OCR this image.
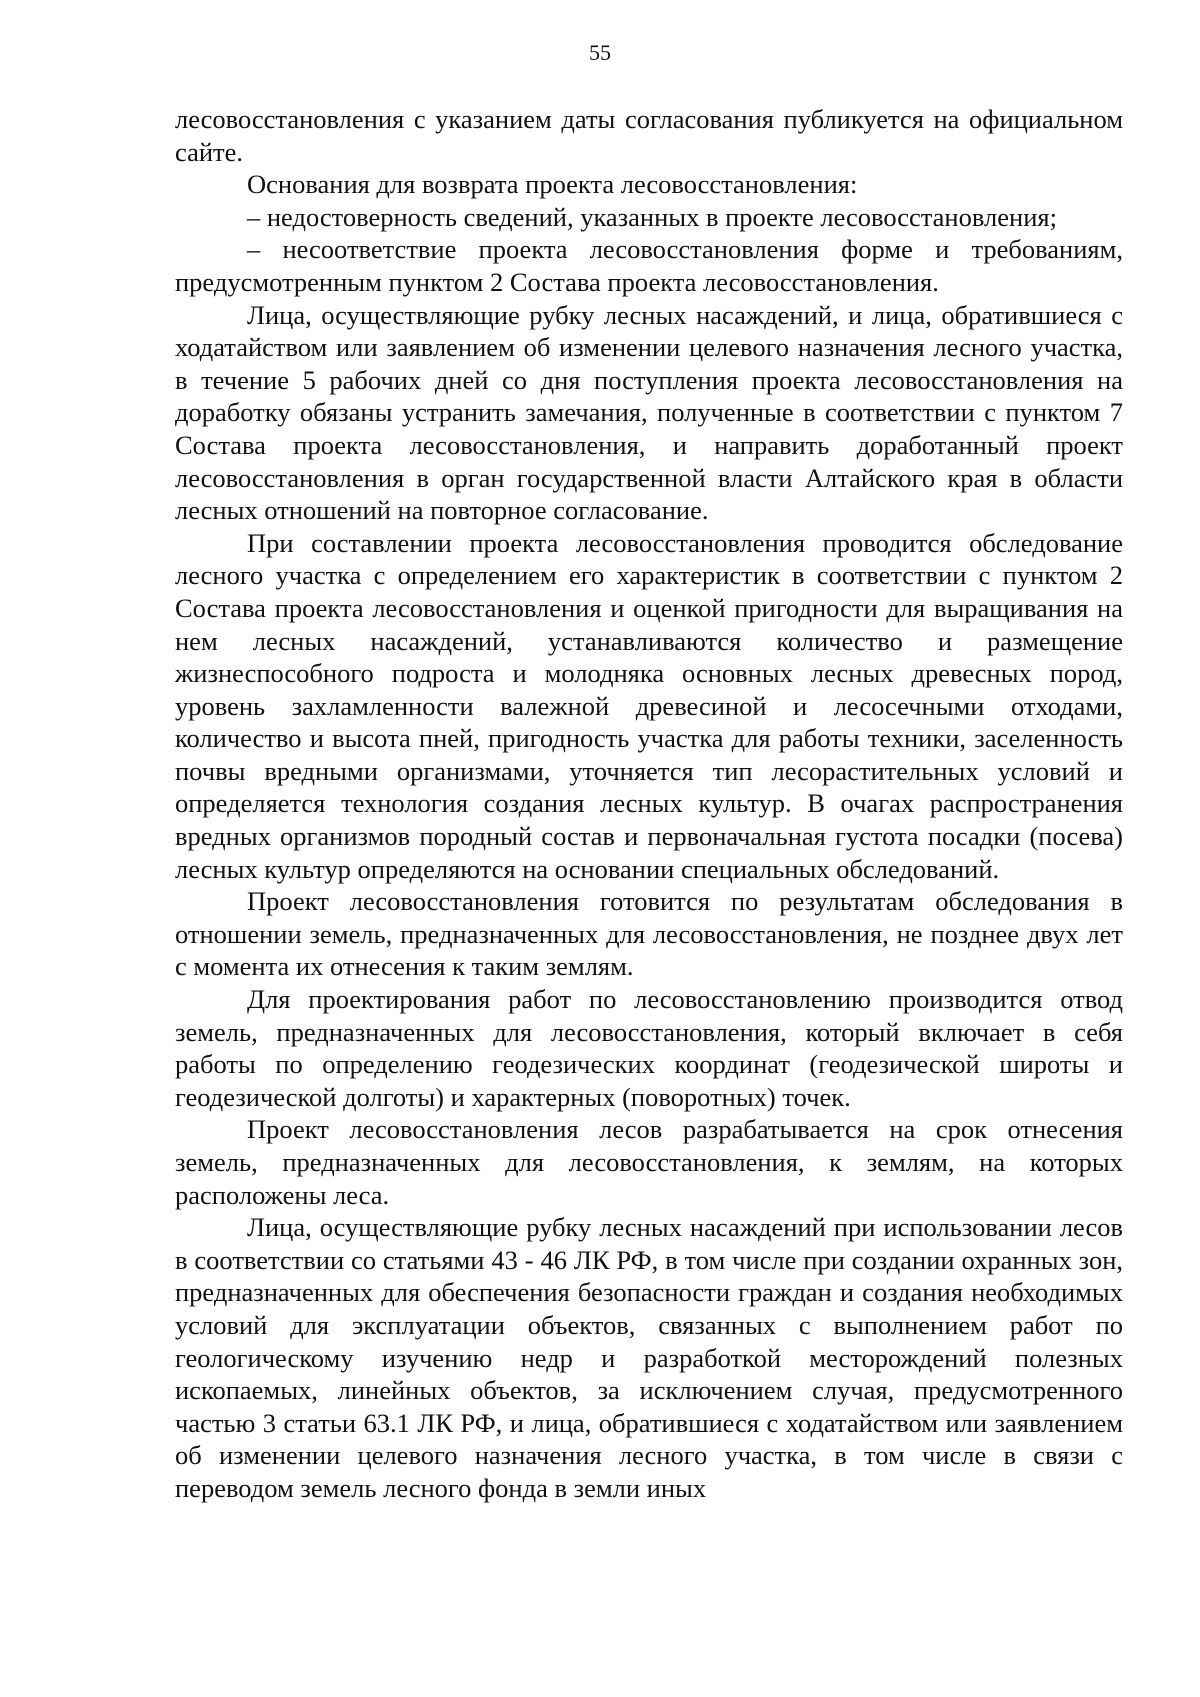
55

лесовосстановления с указанием даты согласования публикуется на официальном сайте.

Основания для возврата проекта лесовосстановления:

– недостоверность сведений, указанных в проекте лесовосстановления;

– несоответствие проекта лесовосстановления форме и требованиям, предусмотренным пунктом 2 Состава проекта лесовосстановления.

Лица, осуществляющие рубку лесных насаждений, и лица, обратившиеся с ходатайством или заявлением об изменении целевого назначения лесного участка, в течение 5 рабочих дней со дня поступления проекта лесовосстановления на доработку обязаны устранить замечания, полученные в соответствии с пунктом 7 Состава проекта лесовосстановления, и направить доработанный проект лесовосстановления в орган государственной власти Алтайского края в области лесных отношений на повторное согласование.

При составлении проекта лесовосстановления проводится обследование лесного участка с определением его характеристик в соответствии с пунктом 2 Состава проекта лесовосстановления и оценкой пригодности для выращивания на нем лесных насаждений, устанавливаются количество и размещение жизнеспособного подроста и молодняка основных лесных древесных пород, уровень захламленности валежной древесиной и лесосечными отходами, количество и высота пней, пригодность участка для работы техники, заселенность почвы вредными организмами, уточняется тип лесорастительных условий и определяется технология создания лесных культур. В очагах распространения вредных организмов породный состав и первоначальная густота посадки (посева) лесных культур определяются на основании специальных обследований.

Проект лесовосстановления готовится по результатам обследования в отношении земель, предназначенных для лесовосстановления, не позднее двух лет с момента их отнесения к таким землям.

Для проектирования работ по лесовосстановлению производится отвод земель, предназначенных для лесовосстановления, который включает в себя работы по определению геодезических координат (геодезической широты и геодезической долготы) и характерных (поворотных) точек.

Проект лесовосстановления лесов разрабатывается на срок отнесения земель, предназначенных для лесовосстановления, к землям, на которых расположены леса.

Лица, осуществляющие рубку лесных насаждений при использовании лесов в соответствии со статьями 43 - 46 ЛК РФ, в том числе при создании охранных зон, предназначенных для обеспечения безопасности граждан и создания необходимых условий для эксплуатации объектов, связанных с выполнением работ по геологическому изучению недр и разработкой месторождений полезных ископаемых, линейных объектов, за исключением случая, предусмотренного частью 3 статьи 63.1 ЛК РФ, и лица, обратившиеся с ходатайством или заявлением об изменении целевого назначения лесного участка, в том числе в связи с переводом земель лесного фонда в земли иных
